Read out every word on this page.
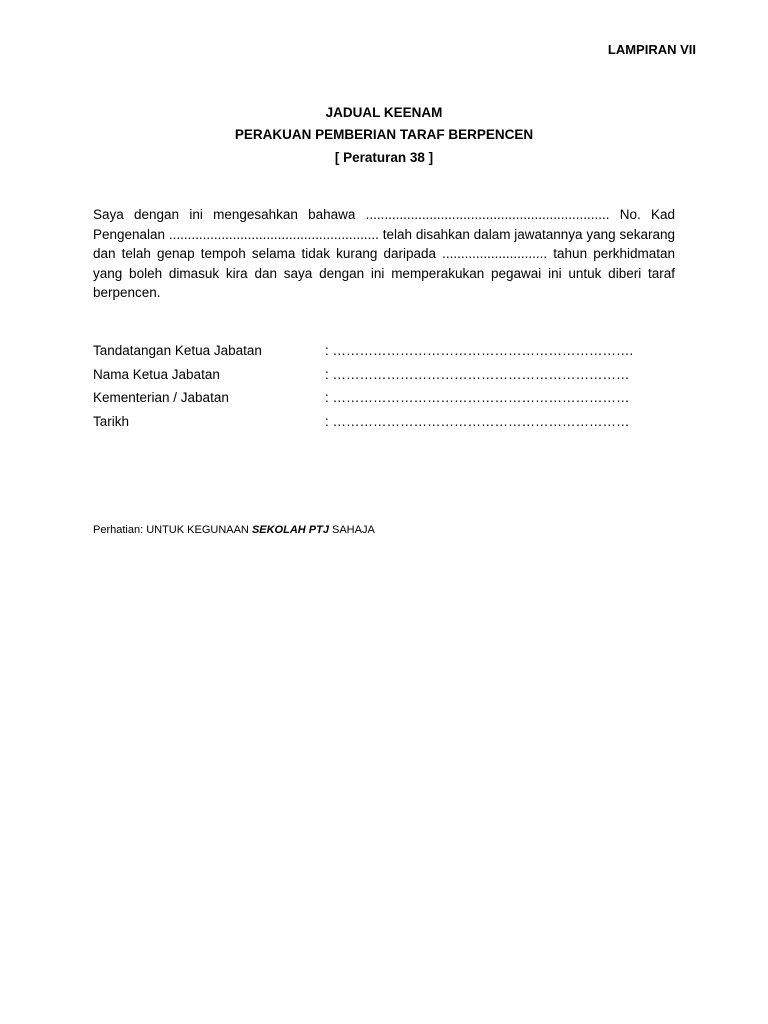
LAMPIRAN VII
JADUAL KEENAM
PERAKUAN PEMBERIAN TARAF BERPENCEN
[ Peraturan 38 ]
Saya dengan ini mengesahkan bahawa ................................................................. No. Kad Pengenalan ........................................................ telah disahkan dalam jawatannya yang sekarang dan telah genap tempoh selama tidak kurang daripada ............................ tahun perkhidmatan yang boleh dimasuk kira dan saya dengan ini memperakukan pegawai ini untuk diberi taraf berpencen.
Tandatangan Ketua Jabatan	: ………………………………………………………….
Nama Ketua Jabatan	: …………………………………………………………
Kementerian / Jabatan	: …………………………………………………………
Tarikh	: …………………………………………………………
Perhatian: UNTUK KEGUNAAN SEKOLAH PTJ SAHAJA
